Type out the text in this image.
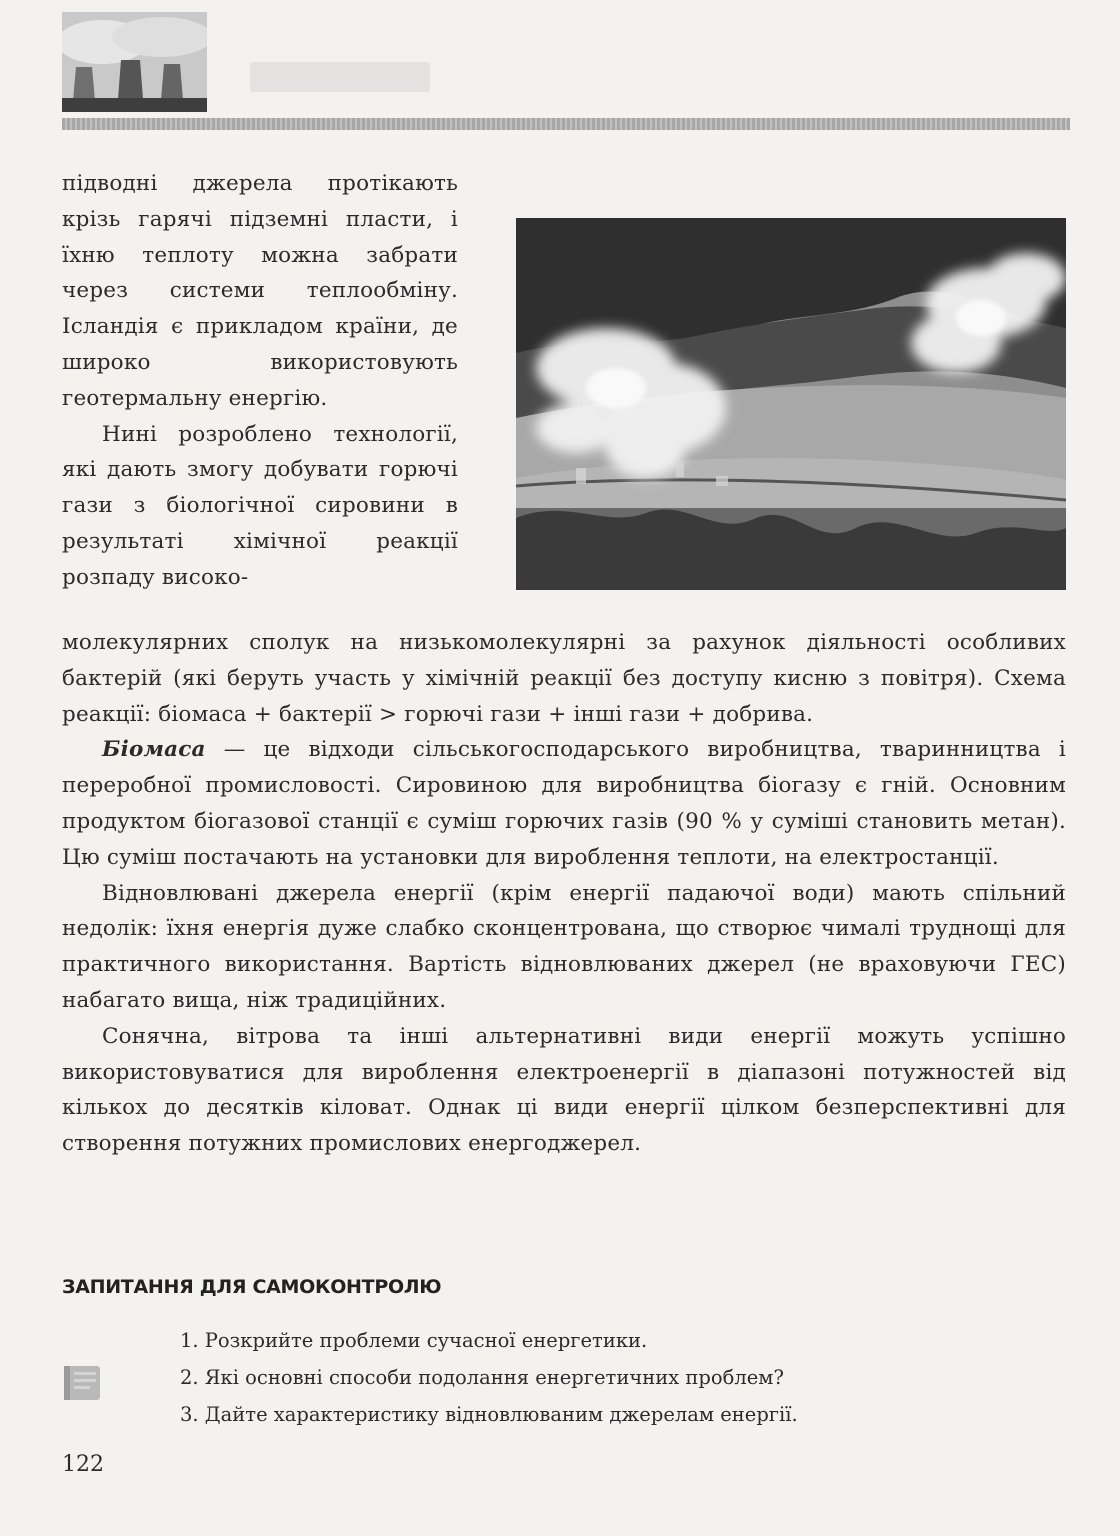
підводні джерела протікають крізь гарячі підземні пласти, і їхню теплоту можна забрати через системи теплообміну. Ісландія є прикладом країни, де широко використовують геотермальну енергію.

Нині розроблено технології, які дають змогу добувати горючі гази з біологічної сировини в результаті хімічної реакції розпаду високо-

молекулярних сполук на низькомолекулярні за рахунок діяльності особливих бактерій (які беруть участь у хімічній реакції без доступу кисню з повітря). Схема реакції: біомаса + бактерії > горючі гази + інші гази + добрива.

Біомаса — це відходи сільськогосподарського виробництва, тваринництва і переробної промисловості. Сировиною для виробництва біогазу є гній. Основним продуктом біогазової станції є суміш горючих газів (90 % у суміші становить метан). Цю суміш постачають на установки для вироблення теплоти, на електростанції.

Відновлювані джерела енергії (крім енергії падаючої води) мають спільний недолік: їхня енергія дуже слабко сконцентрована, що створює чималі труднощі для практичного використання. Вартість відновлюваних джерел (не враховуючи ГЕС) набагато вища, ніж традиційних.

Сонячна, вітрова та інші альтернативні види енергії можуть успішно використовуватися для вироблення електроенергії в діапазоні потужностей від кількох до десятків кіловат. Однак ці види енергії цілком безперспективні для створення потужних промислових енергоджерел.

ЗАПИТАННЯ ДЛЯ САМОКОНТРОЛЮ

1. Розкрийте проблеми сучасної енергетики.

2. Які основні способи подолання енергетичних проблем?

3. Дайте характеристику відновлюваним джерелам енергії.

122
